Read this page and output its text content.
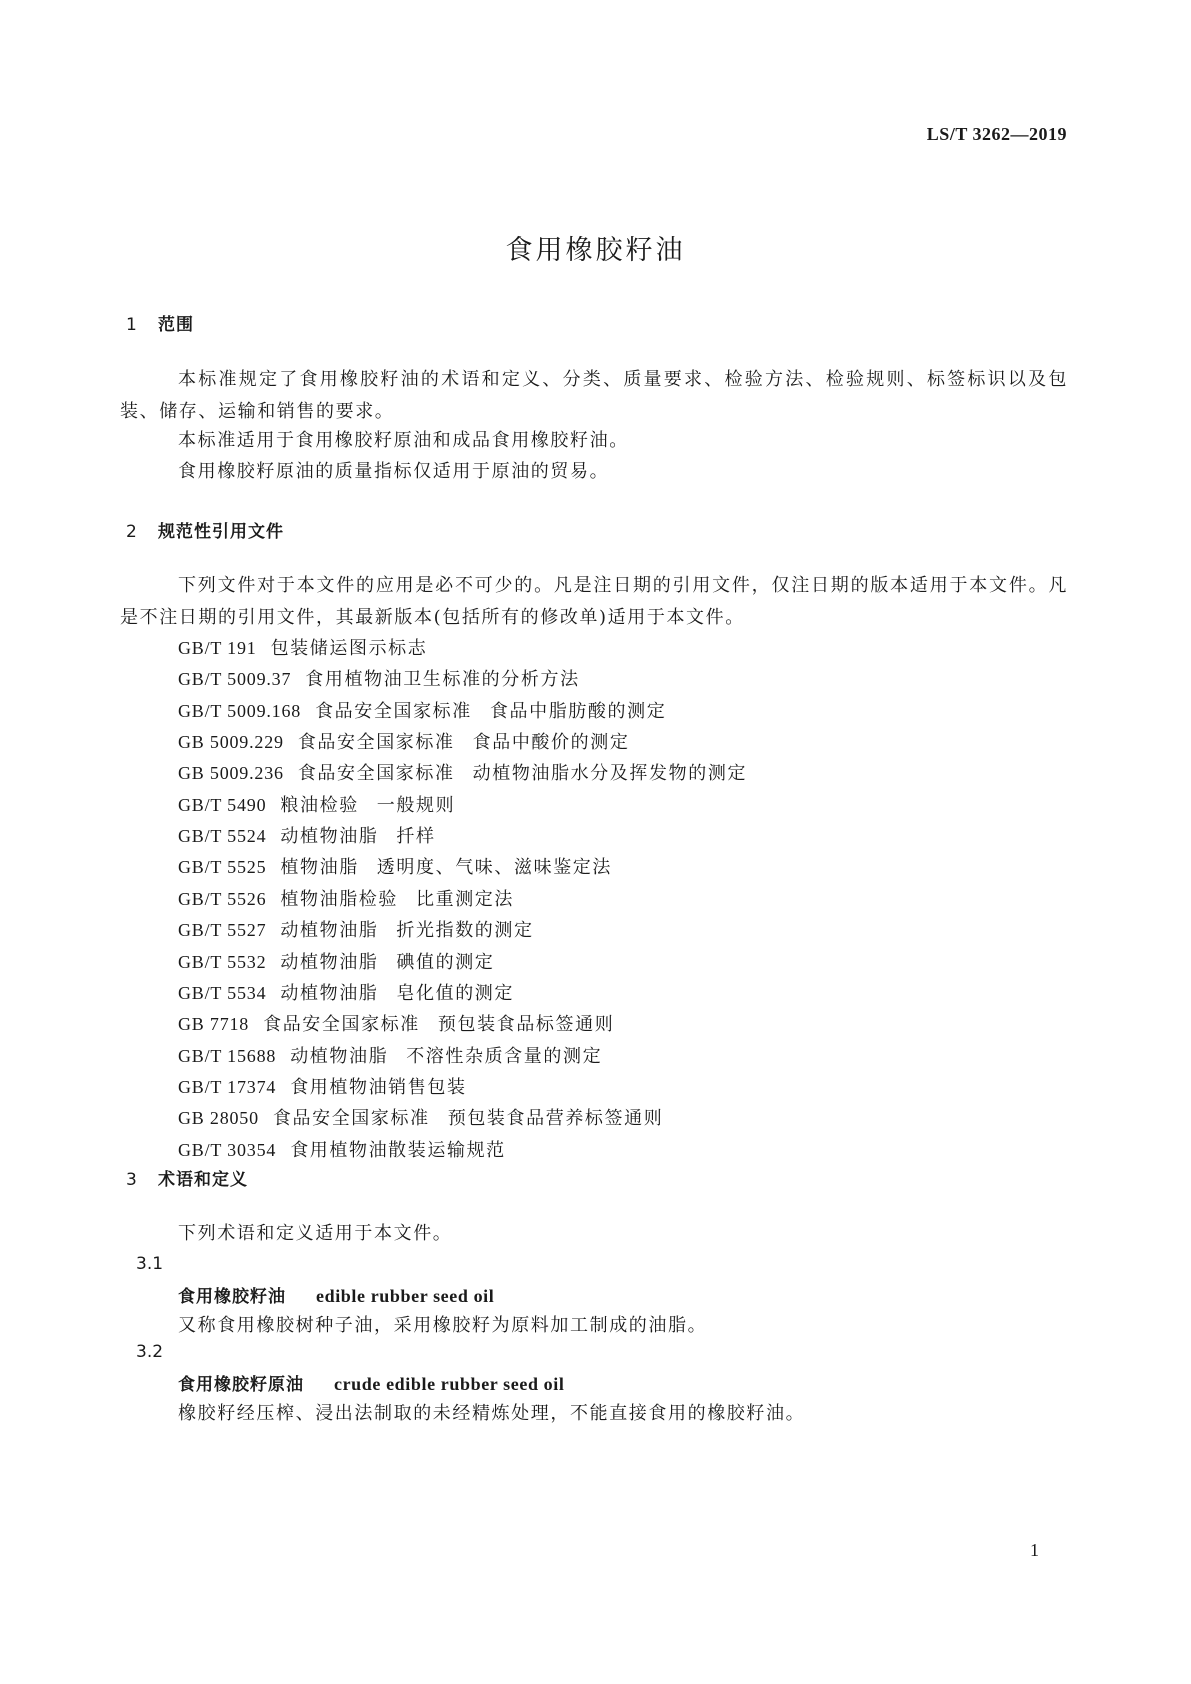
LS/T 3262—2019
食用橡胶籽油
1 范围
本标准规定了食用橡胶籽油的术语和定义、分类、质量要求、检验方法、检验规则、标签标识以及包装、储存、运输和销售的要求。
本标准适用于食用橡胶籽原油和成品食用橡胶籽油。
食用橡胶籽原油的质量指标仅适用于原油的贸易。
2 规范性引用文件
下列文件对于本文件的应用是必不可少的。凡是注日期的引用文件，仅注日期的版本适用于本文件。凡是不注日期的引用文件，其最新版本(包括所有的修改单)适用于本文件。
GB/T 191 包装储运图示标志
GB/T 5009.37 食用植物油卫生标准的分析方法
GB/T 5009.168 食品安全国家标准 食品中脂肪酸的测定
GB 5009.229 食品安全国家标准 食品中酸价的测定
GB 5009.236 食品安全国家标准 动植物油脂水分及挥发物的测定
GB/T 5490 粮油检验 一般规则
GB/T 5524 动植物油脂 扦样
GB/T 5525 植物油脂 透明度、气味、滋味鉴定法
GB/T 5526 植物油脂检验 比重测定法
GB/T 5527 动植物油脂 折光指数的测定
GB/T 5532 动植物油脂 碘值的测定
GB/T 5534 动植物油脂 皂化值的测定
GB 7718 食品安全国家标准 预包装食品标签通则
GB/T 15688 动植物油脂 不溶性杂质含量的测定
GB/T 17374 食用植物油销售包装
GB 28050 食品安全国家标准 预包装食品营养标签通则
GB/T 30354 食用植物油散装运输规范
3 术语和定义
下列术语和定义适用于本文件。
3.1
食用橡胶籽油 edible rubber seed oil
又称食用橡胶树种子油，采用橡胶籽为原料加工制成的油脂。
3.2
食用橡胶籽原油 crude edible rubber seed oil
橡胶籽经压榨、浸出法制取的未经精炼处理，不能直接食用的橡胶籽油。
1
